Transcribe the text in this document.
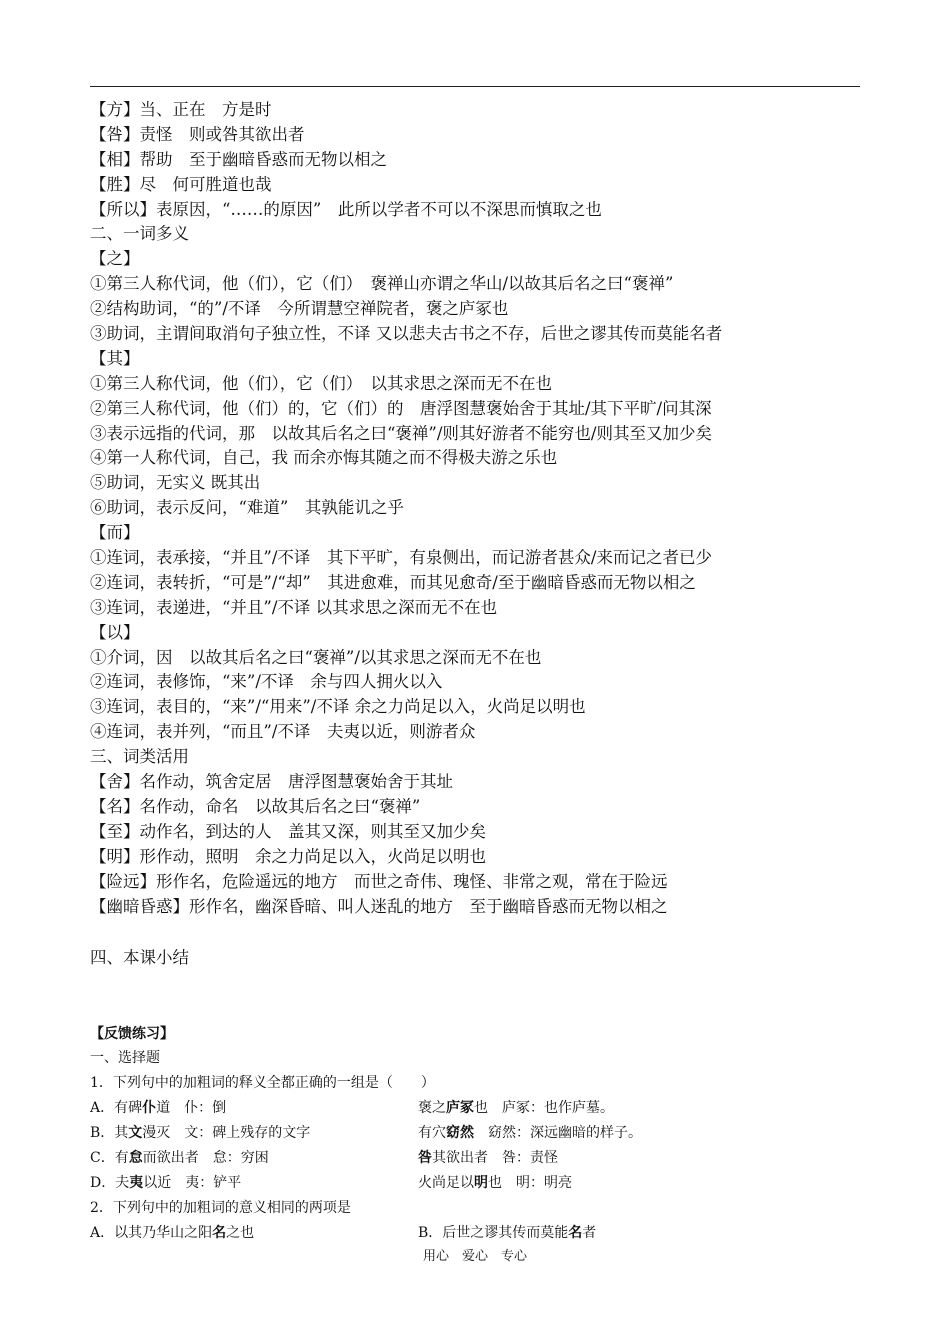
【方】当、正在　方是时
【咎】责怪　则或咎其欲出者
【相】帮助　至于幽暗昏惑而无物以相之
【胜】尽　何可胜道也哉
【所以】表原因，“……的原因”　此所以学者不可以不深思而慎取之也
二、一词多义
【之】
①第三人称代词，他（们），它（们）　褒禅山亦谓之华山/以故其后名之曰“褒禅”
②结构助词，“的”/不译　今所谓慧空禅院者，褒之庐冢也
③助词，主谓间取消句子独立性，不译 又以悲夫古书之不存，后世之谬其传而莫能名者
【其】
①第三人称代词，他（们），它（们）　以其求思之深而无不在也
②第三人称代词，他（们）的，它（们）的　唐浮图慧褒始舍于其址/其下平旷/问其深
③表示远指的代词，那　以故其后名之曰“褒禅”/则其好游者不能穷也/则其至又加少矣
④第一人称代词，自己，我 而余亦悔其随之而不得极夫游之乐也
⑤助词，无实义 既其出
⑥助词，表示反问，“难道”　其孰能讥之乎
【而】
①连词，表承接，“并且”/不译　其下平旷，有泉侧出，而记游者甚众/来而记之者已少
②连词，表转折，“可是”/“却”　其进愈难，而其见愈奇/至于幽暗昏惑而无物以相之
③连词，表递进，“并且”/不译 以其求思之深而无不在也
【以】
①介词，因　以故其后名之曰“褒禅”/以其求思之深而无不在也
②连词，表修饰，“来”/不译　余与四人拥火以入
③连词，表目的，“来”/“用来”/不译 余之力尚足以入，火尚足以明也
④连词，表并列，“而且”/不译　夫夷以近，则游者众
三、词类活用
【舍】名作动，筑舍定居　唐浮图慧褒始舍于其址
【名】名作动，命名　以故其后名之曰“褒禅”
【至】动作名，到达的人　盖其又深，则其至又加少矣
【明】形作动，照明　余之力尚足以入，火尚足以明也
【险远】形作名，危险遥远的地方　而世之奇伟、瑰怪、非常之观，常在于险远
【幽暗昏惑】形作名，幽深昏暗、叫人迷乱的地方　至于幽暗昏惑而无物以相之
四、本课小结
【反馈练习】
一、选择题
1．下列句中的加粗词的释义全都正确的一组是（　　）
A．有碑仆道　仆：倒	褒之庐冢也　庐冢：也作庐墓。
B．其文漫灭　文：碑上残存的文字	有穴窈然　窈然：深远幽暗的样子。
C．有怠而欲出者　怠：穷困	咎其欲出者　咎：责怪
D．夫夷以近　夷：铲平	火尚足以明也　明：明亮
2．下列句中的加粗词的意义相同的两项是
A．以其乃华山之阳名之也	B．后世之谬其传而莫能名者
用心　爱心　专心
